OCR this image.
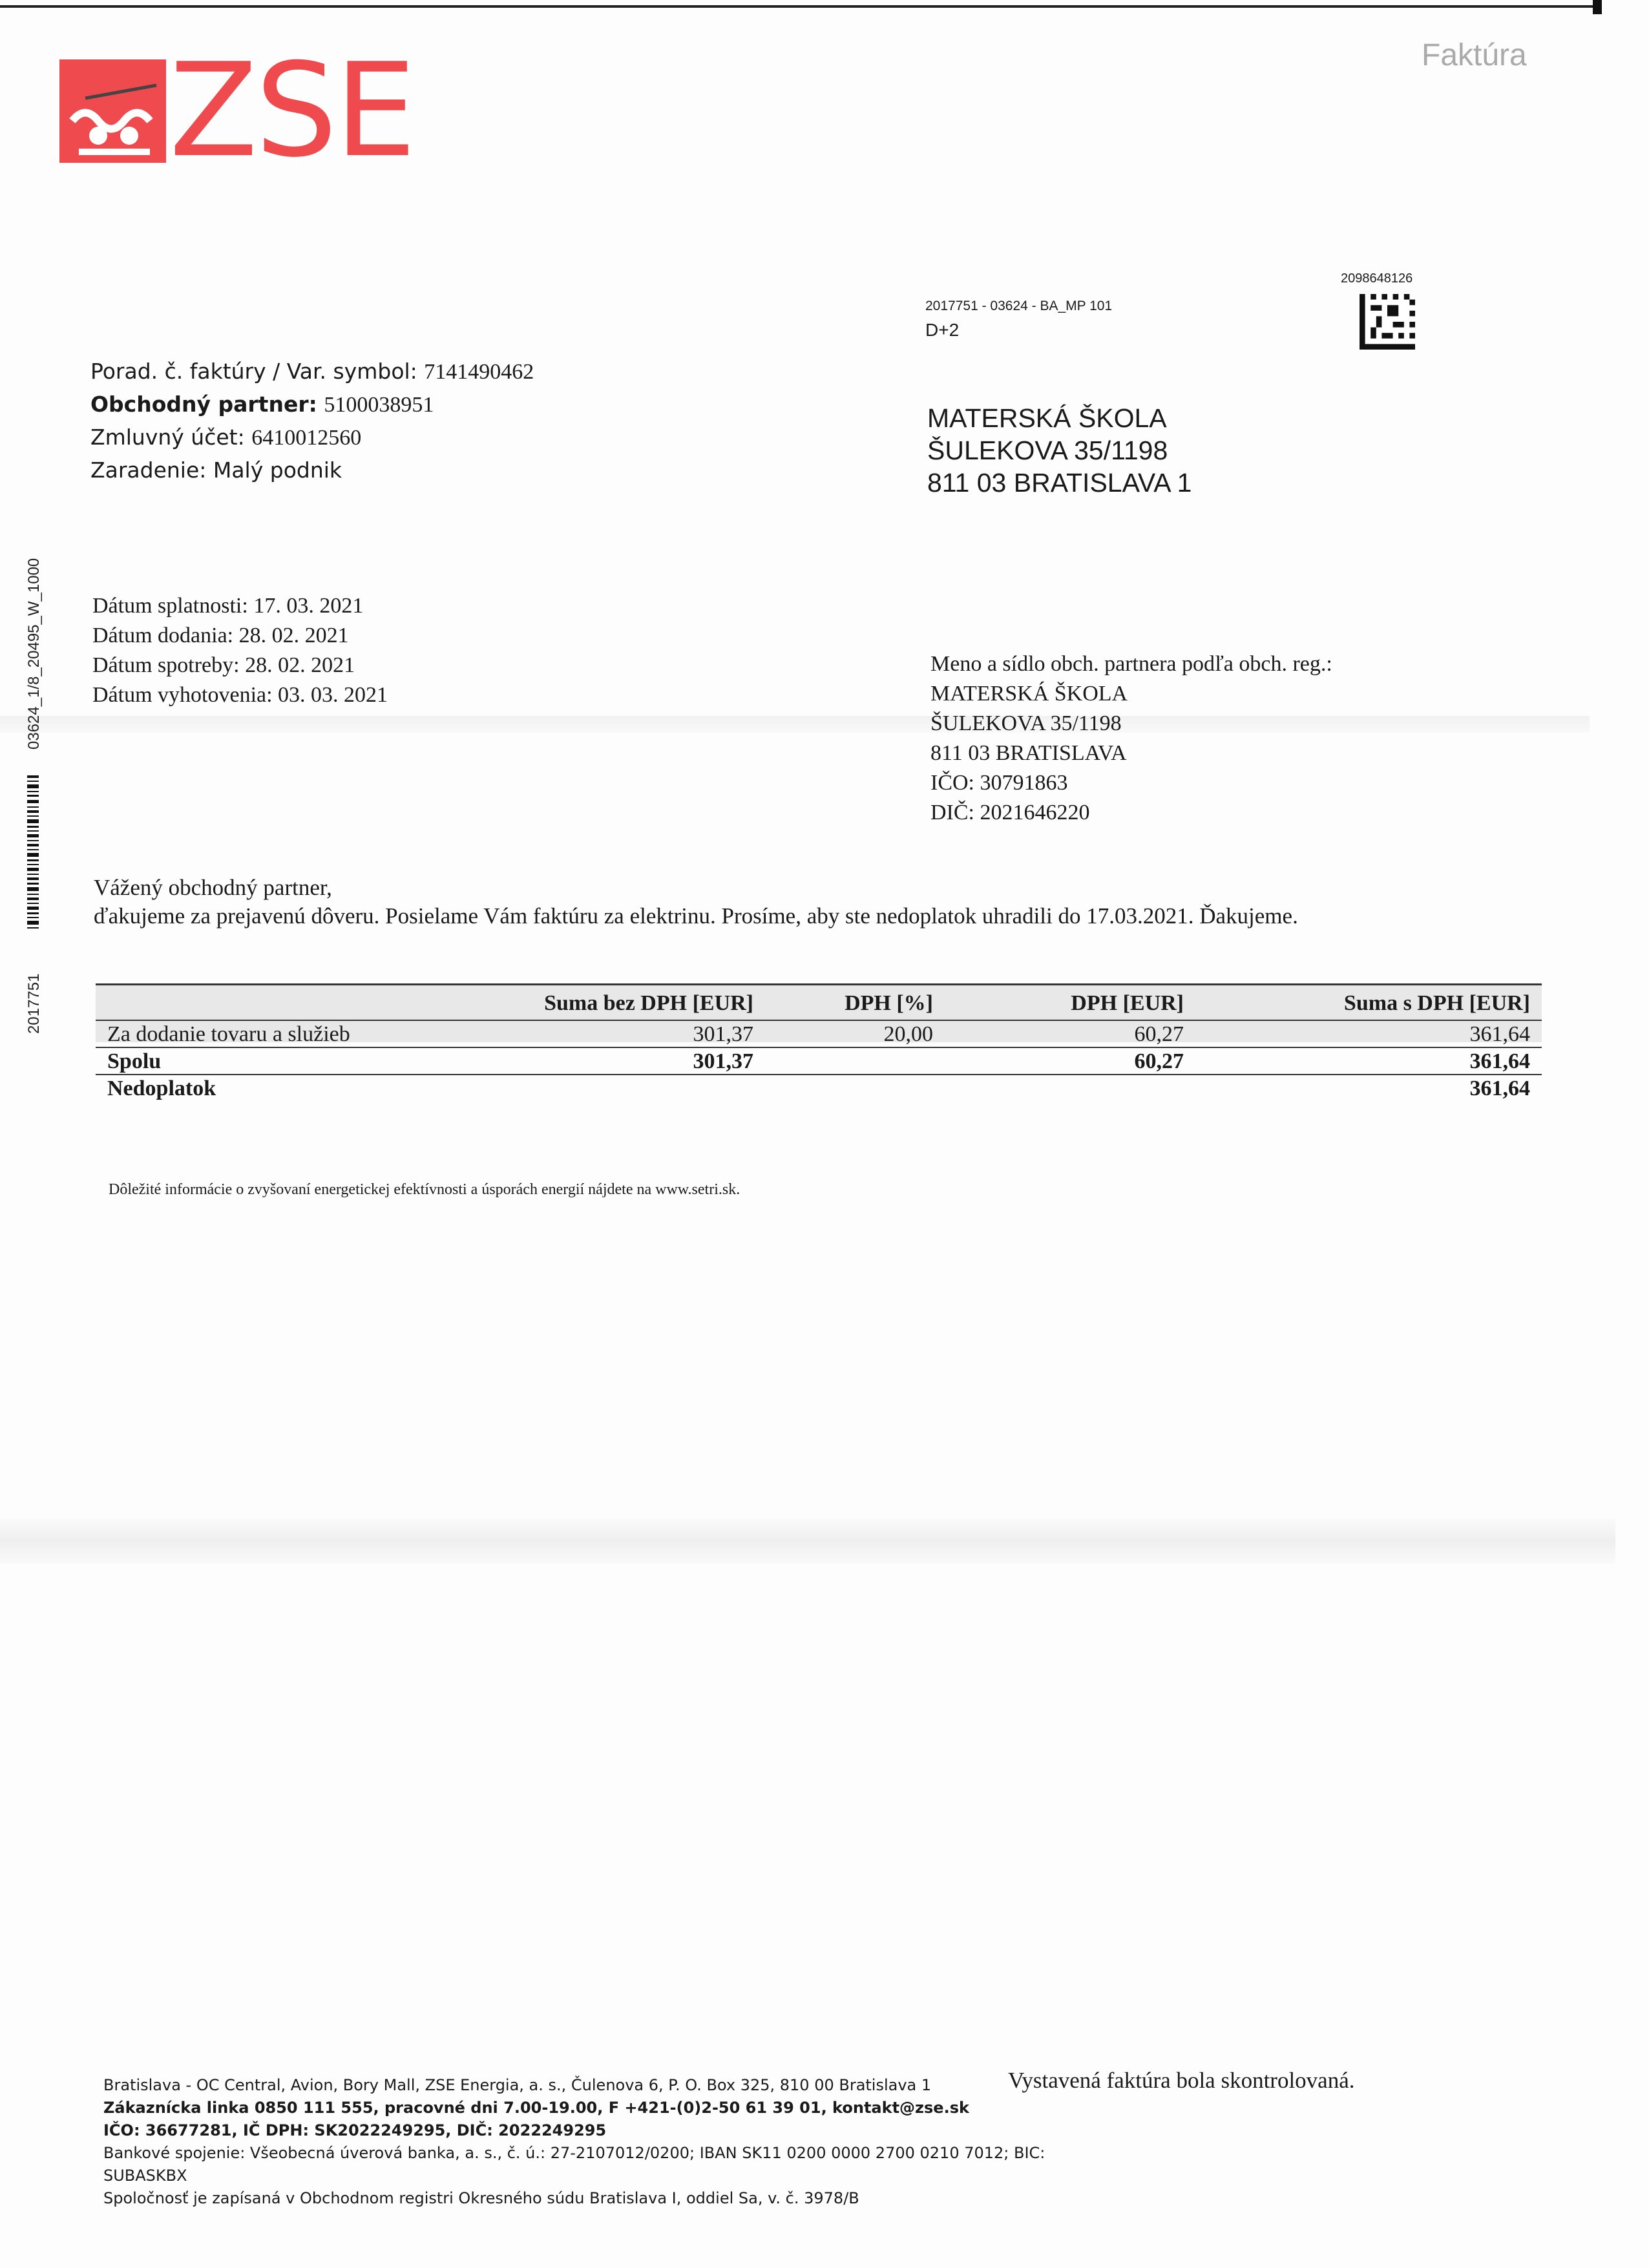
ZSE	Faktúra
2098648126
2017751 - 03624 - BA_MP 101
D+2
MATERSKÁ ŠKOLA
ŠULEKOVA 35/1198
811 03 BRATISLAVA 1
Porad. č. faktúry / Var. symbol: 7141490462
Obchodný partner: 5100038951
Zmluvný účet: 6410012560
Zaradenie: Malý podnik
Dátum splatnosti: 17. 03. 2021
Dátum dodania: 28. 02. 2021
Dátum spotreby: 28. 02. 2021
Dátum vyhotovenia: 03. 03. 2021
Meno a sídlo obch. partnera podľa obch. reg.:
MATERSKÁ ŠKOLA
ŠULEKOVA 35/1198
811 03 BRATISLAVA
IČO: 30791863
DIČ: 2021646220
03624_1/8_20495_W_1000
2017751
Vážený obchodný partner,
ďakujeme za prejavenú dôveru. Posielame Vám faktúru za elektrinu. Prosíme, aby ste nedoplatok uhradili do 17.03.2021. Ďakujeme.
	Suma bez DPH [EUR]	DPH [%]	DPH [EUR]	Suma s DPH [EUR]
Za dodanie tovaru a služieb	301,37	20,00	60,27	361,64
Spolu	301,37		60,27	361,64
Nedoplatok				361,64
Dôležité informácie o zvyšovaní energetickej efektívnosti a úsporách energií nájdete na www.setri.sk.
Bratislava - OC Central, Avion, Bory Mall, ZSE Energia, a. s., Čulenova 6, P. O. Box 325, 810 00 Bratislava 1
Zákaznícka linka 0850 111 555, pracovné dni 7.00-19.00, F +421-(0)2-50 61 39 01, kontakt@zse.sk
IČO: 36677281, IČ DPH: SK2022249295, DIČ: 2022249295
Bankové spojenie: Všeobecná úverová banka, a. s., č. ú.: 27-2107012/0200; IBAN SK11 0200 0000 2700 0210 7012; BIC:
SUBASKBX
Spoločnosť je zapísaná v Obchodnom registri Okresného súdu Bratislava I, oddiel Sa, v. č. 3978/B
Vystavená faktúra bola skontrolovaná.
